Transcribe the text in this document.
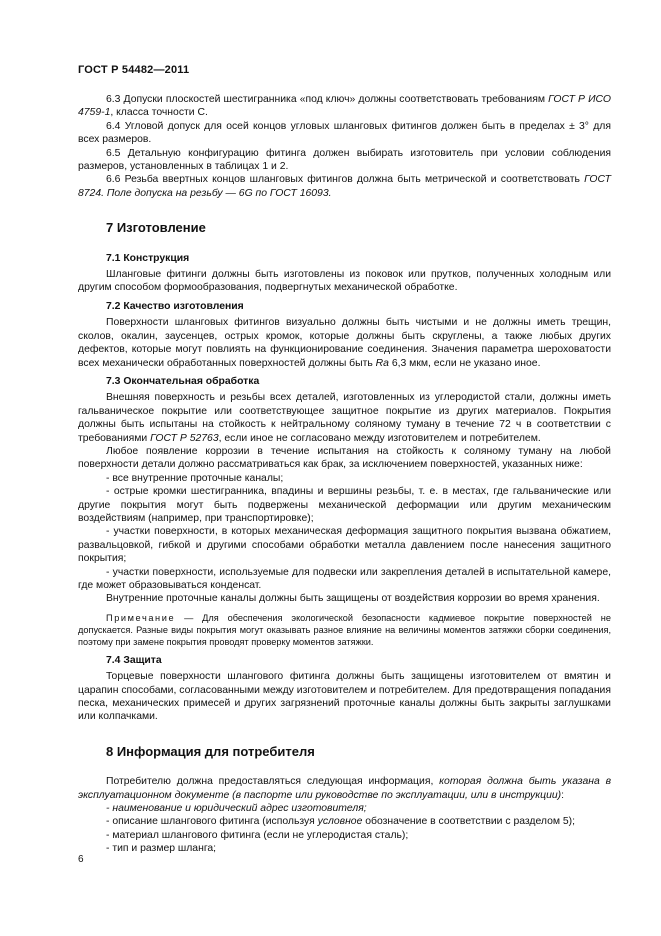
ГОСТ Р 54482—2011

6.3 Допуски плоскостей шестигранника «под ключ» должны соответствовать требованиям ГОСТ Р ИСО 4759-1, класса точности С.

6.4 Угловой допуск для осей концов угловых шланговых фитингов должен быть в пределах ± 3° для всех размеров.

6.5 Детальную конфигурацию фитинга должен выбирать изготовитель при условии соблюдения размеров, установленных в таблицах 1 и 2.

6.6 Резьба ввертных концов шланговых фитингов должна быть метрической и соответствовать ГОСТ 8724. Поле допуска на резьбу — 6G по ГОСТ 16093.

7 Изготовление

7.1 Конструкция

Шланговые фитинги должны быть изготовлены из поковок или прутков, полученных холодным или другим способом формообразования, подвергнутых механической обработке.

7.2 Качество изготовления

Поверхности шланговых фитингов визуально должны быть чистыми и не должны иметь трещин, сколов, окалин, заусенцев, острых кромок, которые должны быть скруглены, а также любых других дефектов, которые могут повлиять на функционирование соединения. Значения параметра шероховатости всех механически обработанных поверхностей должны быть Ra 6,3 мкм, если не указано иное.

7.3 Окончательная обработка

Внешняя поверхность и резьбы всех деталей, изготовленных из углеродистой стали, должны иметь гальваническое покрытие или соответствующее защитное покрытие из других материалов. Покрытия должны быть испытаны на стойкость к нейтральному соляному туману в течение 72 ч в соответствии с требованиями ГОСТ Р 52763, если иное не согласовано между изготовителем и потребителем.

Любое появление коррозии в течение испытания на стойкость к соляному туману на любой поверхности детали должно рассматриваться как брак, за исключением поверхностей, указанных ниже:

- все внутренние проточные каналы;

- острые кромки шестигранника, впадины и вершины резьбы, т. е. в местах, где гальванические или другие покрытия могут быть подвержены механической деформации или другим механическим воздействиям (например, при транспортировке);

- участки поверхности, в которых механическая деформация защитного покрытия вызвана обжатием, развальцовкой, гибкой и другими способами обработки металла давлением после нанесения защитного покрытия;

- участки поверхности, используемые для подвески или закрепления деталей в испытательной камере, где может образовываться конденсат.

Внутренние проточные каналы должны быть защищены от воздействия коррозии во время хранения.

Примечание — Для обеспечения экологической безопасности кадмиевое покрытие поверхностей не допускается. Разные виды покрытия могут оказывать разное влияние на величины моментов затяжки сборки соединения, поэтому при замене покрытия проводят проверку моментов затяжки.

7.4 Защита

Торцевые поверхности шлангового фитинга должны быть защищены изготовителем от вмятин и царапин способами, согласованными между изготовителем и потребителем. Для предотвращения попадания песка, механических примесей и других загрязнений проточные каналы должны быть закрыты заглушками или колпачками.

8 Информация для потребителя

Потребителю должна предоставляться следующая информация, которая должна быть указана в эксплуатационном документе (в паспорте или руководстве по эксплуатации, или в инструкции):

- наименование и юридический адрес изготовителя;

- описание шлангового фитинга (используя условное обозначение в соответствии с разделом 5);

- материал шлангового фитинга (если не углеродистая сталь);

- тип и размер шланга;

6
